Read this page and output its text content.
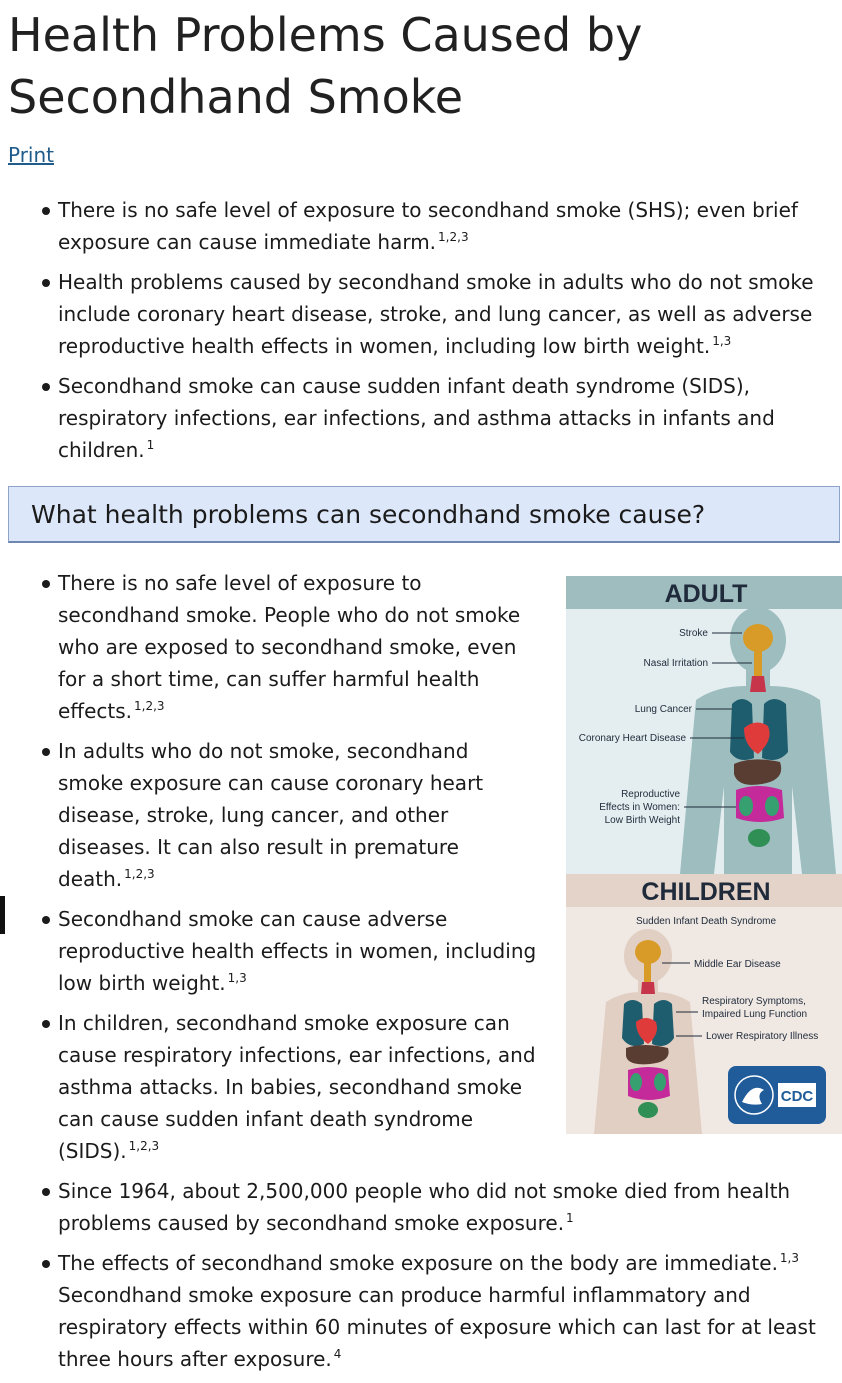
Health Problems Caused by Secondhand Smoke
Print
There is no safe level of exposure to secondhand smoke (SHS); even brief exposure can cause immediate harm. $^{1,2,3}$
Health problems caused by secondhand smoke in adults who do not smoke include coronary heart disease, stroke, and lung cancer, as well as adverse reproductive health effects in women, including low birth weight. $^{1,3}$
Secondhand smoke can cause sudden infant death syndrome (SIDS), respiratory infections, ear infections, and asthma attacks in infants and children. $^1$
What health problems can secondhand smoke cause?
There is no safe level of exposure to secondhand smoke. People who do not smoke who are exposed to secondhand smoke, even for a short time, can suffer harmful health effects. $^{1,2,3}$
In adults who do not smoke, secondhand smoke exposure can cause coronary heart disease, stroke, lung cancer, and other diseases. It can also result in premature death. $^{1,2,3}$
Secondhand smoke can cause adverse reproductive health effects in women, including low birth weight. $^{1,3}$
In children, secondhand smoke exposure can cause respiratory infections, ear infections, and asthma attacks. In babies, secondhand smoke can cause sudden infant death syndrome (SIDS). $^{1,2,3}$
Since 1964, about 2,500,000 people who did not smoke died from health problems caused by secondhand smoke exposure. $^1$
The effects of secondhand smoke exposure on the body are immediate. $^{1,3}$ Secondhand smoke exposure can produce harmful inflammatory and respiratory effects within 60 minutes of exposure which can last for at least three hours after exposure. $^4$
ADULT
Stroke
Nasal Irritation
Lung Cancer
Coronary Heart Disease
Reproductive
Effects in Women:
Low Birth Weight
CHILDREN
Sudden Infant Death Syndrome
Middle Ear Disease
Respiratory Symptoms,
Impaired Lung Function
Lower Respiratory Illness
CDC
